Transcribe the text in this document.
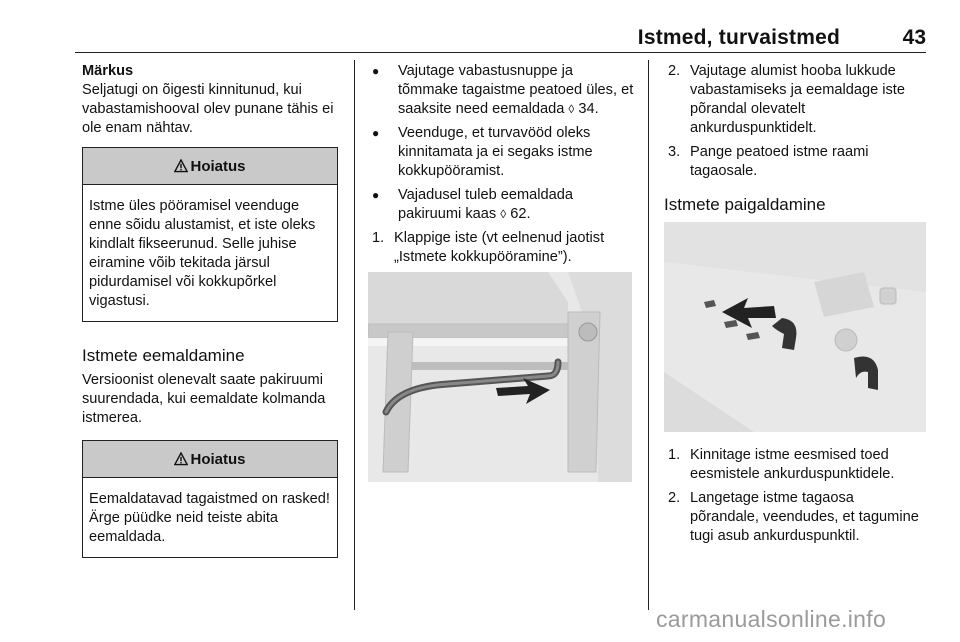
Istmed, turvaistmed	43

Märkus

Seljatugi on õigesti kinnitunud, kui vabastamishoovaI olev punane tähis ei ole enam nähtav.

Hoiatus
Istme üles pööramisel veenduge enne sõidu alustamist, et iste oleks kindlalt fikseerunud. Selle juhise eiramine võib tekitada järsul pidurdamisel või kokkupõrkel vigastusi.
Istmete eemaldamine

Versioonist olenevalt saate pakiruumi suurendada, kui eemaldate kolmanda istmerea.

Hoiatus
Eemaldatavad tagaistmed on rasked! Ärge püüdke neid teiste abita eemaldada.
● Vajutage vabastusnuppe ja tõmmake tagaistme peatoed üles, et saaksite need eemaldada ◊ 34.
● Veenduge, et turvavööd oleks kinnitamata ja ei segaks istme kokkupööramist.
● Vajadusel tuleb eemaldada pakiruumi kaas ◊ 62.
1. Klappige iste (vt eelnenud jaotist „Istmete kokkupööramine”).
2. Vajutage alumist hooba lukkude vabastamiseks ja eemaldage iste põrandal olevatelt ankurduspunktidelt.
3. Pange peatoed istme raami tagaosale.
Istmete paigaldamine
1. Kinnitage istme eesmised toed eesmistele ankurduspunktidele.
2. Langetage istme tagaosa põrandale, veendudes, et tagumine tugi asub ankurduspunktil.
carmanualsonline.info
